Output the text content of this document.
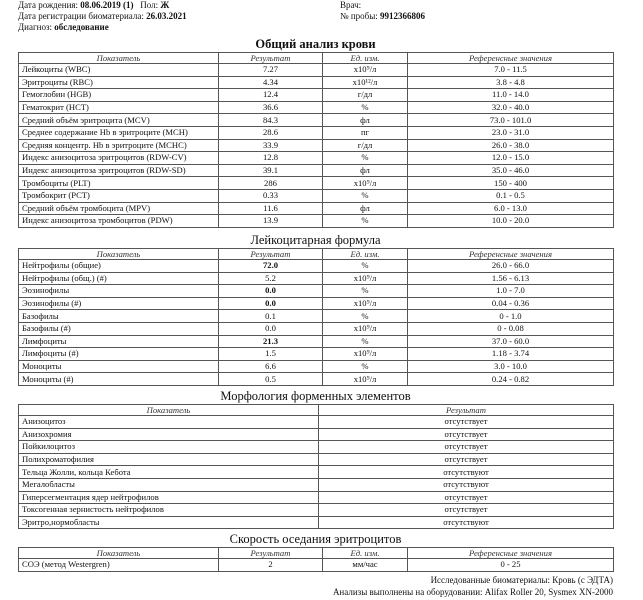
Дата рождения: 08.06.2019 (1) Пол: Ж
Дата регистрации биоматериала: 26.03.2021
Диагноз: обследование
Врач:
№ пробы: 9912366806
Общий анализ крови
Показатель	Результат	Ед. изм.	Референсные значения
Лейкоциты (WBC)	7.27	x10⁹/л	7.0 - 11.5
Эритроциты (RBC)	4.34	x10¹²/л	3.8 - 4.8
Гемоглобин (HGB)	12.4	г/дл	11.0 - 14.0
Гематокрит (HCT)	36.6	%	32.0 - 40.0
Средний объём эритроцита (MCV)	84.3	фл	73.0 - 101.0
Среднее содержание Hb в эритроците (MCH)	28.6	пг	23.0 - 31.0
Средняя концентр. Hb в эритроците (MCHC)	33.9	г/дл	26.0 - 38.0
Индекс анизоцитоза эритроцитов (RDW-CV)	12.8	%	12.0 - 15.0
Индекс анизоцитоза эритроцитов (RDW-SD)	39.1	фл	35.0 - 46.0
Тромбоциты (PLT)	286	x10⁹/л	150 - 400
Тромбокрит (PCT)	0.33	%	0.1 - 0.5
Средний объём тромбоцита (MPV)	11.6	фл	6.0 - 13.0
Индекс анизоцитоза тромбоцитов (PDW)	13.9	%	10.0 - 20.0
Лейкоцитарная формула
Показатель	Результат	Ед. изм.	Референсные значения
Нейтрофилы (общие)	72.0	%	26.0 - 66.0
Нейтрофилы (общ.) (#)	5.2	x10⁹/л	1.56 - 6.13
Эозинофилы	0.0	%	1.0 - 7.0
Эозинофилы (#)	0.0	x10⁹/л	0.04 - 0.36
Базофилы	0.1	%	0 - 1.0
Базофилы (#)	0.0	x10⁹/л	0 - 0.08
Лимфоциты	21.3	%	37.0 - 60.0
Лимфоциты (#)	1.5	x10⁹/л	1.18 - 3.74
Моноциты	6.6	%	3.0 - 10.0
Моноциты (#)	0.5	x10⁹/л	0.24 - 0.82
Морфология форменных элементов
Показатель	Результат
Анизоцитоз	отсутствует
Анизохромия	отсутствует
Пойкилоцитоз	отсутствует
Полихроматофилия	отсутствует
Тельца Жолли, кольца Кебота	отсутствуют
Мегалобласты	отсутствуют
Гиперсегментация ядер нейтрофилов	отсутствует
Токсогенная зернистость нейтрофилов	отсутствует
Эритро,нормобласты	отсутствуют
Скорость оседания эритроцитов
Показатель	Результат	Ед. изм.	Референсные значения
СОЭ (метод Westergren)	2	мм/час	0 - 25
Исследованные биоматериалы: Кровь (с ЭДТА)
Анализы выполнены на оборудовании: Alifax Roller 20, Sysmex XN-2000
